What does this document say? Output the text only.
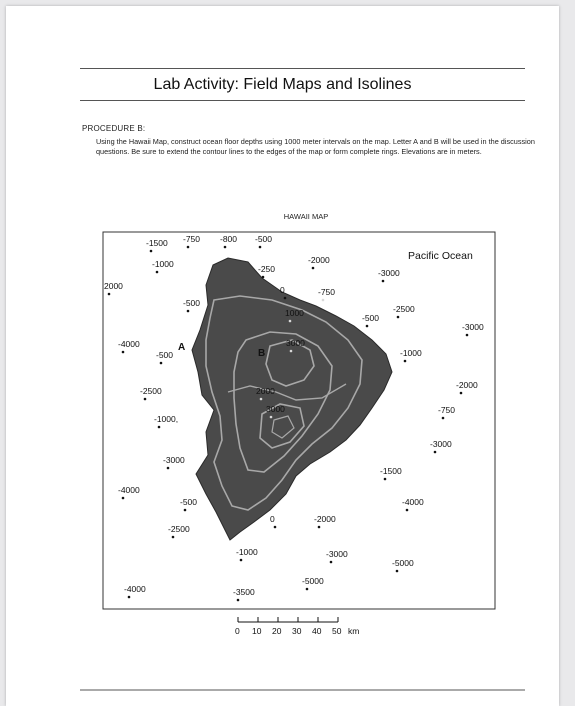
Lab Activity: Field Maps and Isolines
PROCEDURE B:
Using the Hawaii Map, construct ocean floor depths using 1000 meter intervals on the map. Letter A and B will be used in the discussion questions. Be sure to extend the contour lines to the edges of the map or form complete rings. Elevations are in meters.
HAWAII MAP
-1500 -750 -800 -500
-1000	-250
-2000
-3000
2000	0	-750
-500
1000	-2500
-500
-3000
-4000
-500
3000
-1000
-2500	2000
-2000
-1000,
3000	-750
-3000
-3000
-1500
-4000
-4000
-500
0	-2000
-2500
-1000	-3000
-5000
-4000
-5000
-3500
Pacific Ocean
A
B
0 10 20 30 40 50 km
